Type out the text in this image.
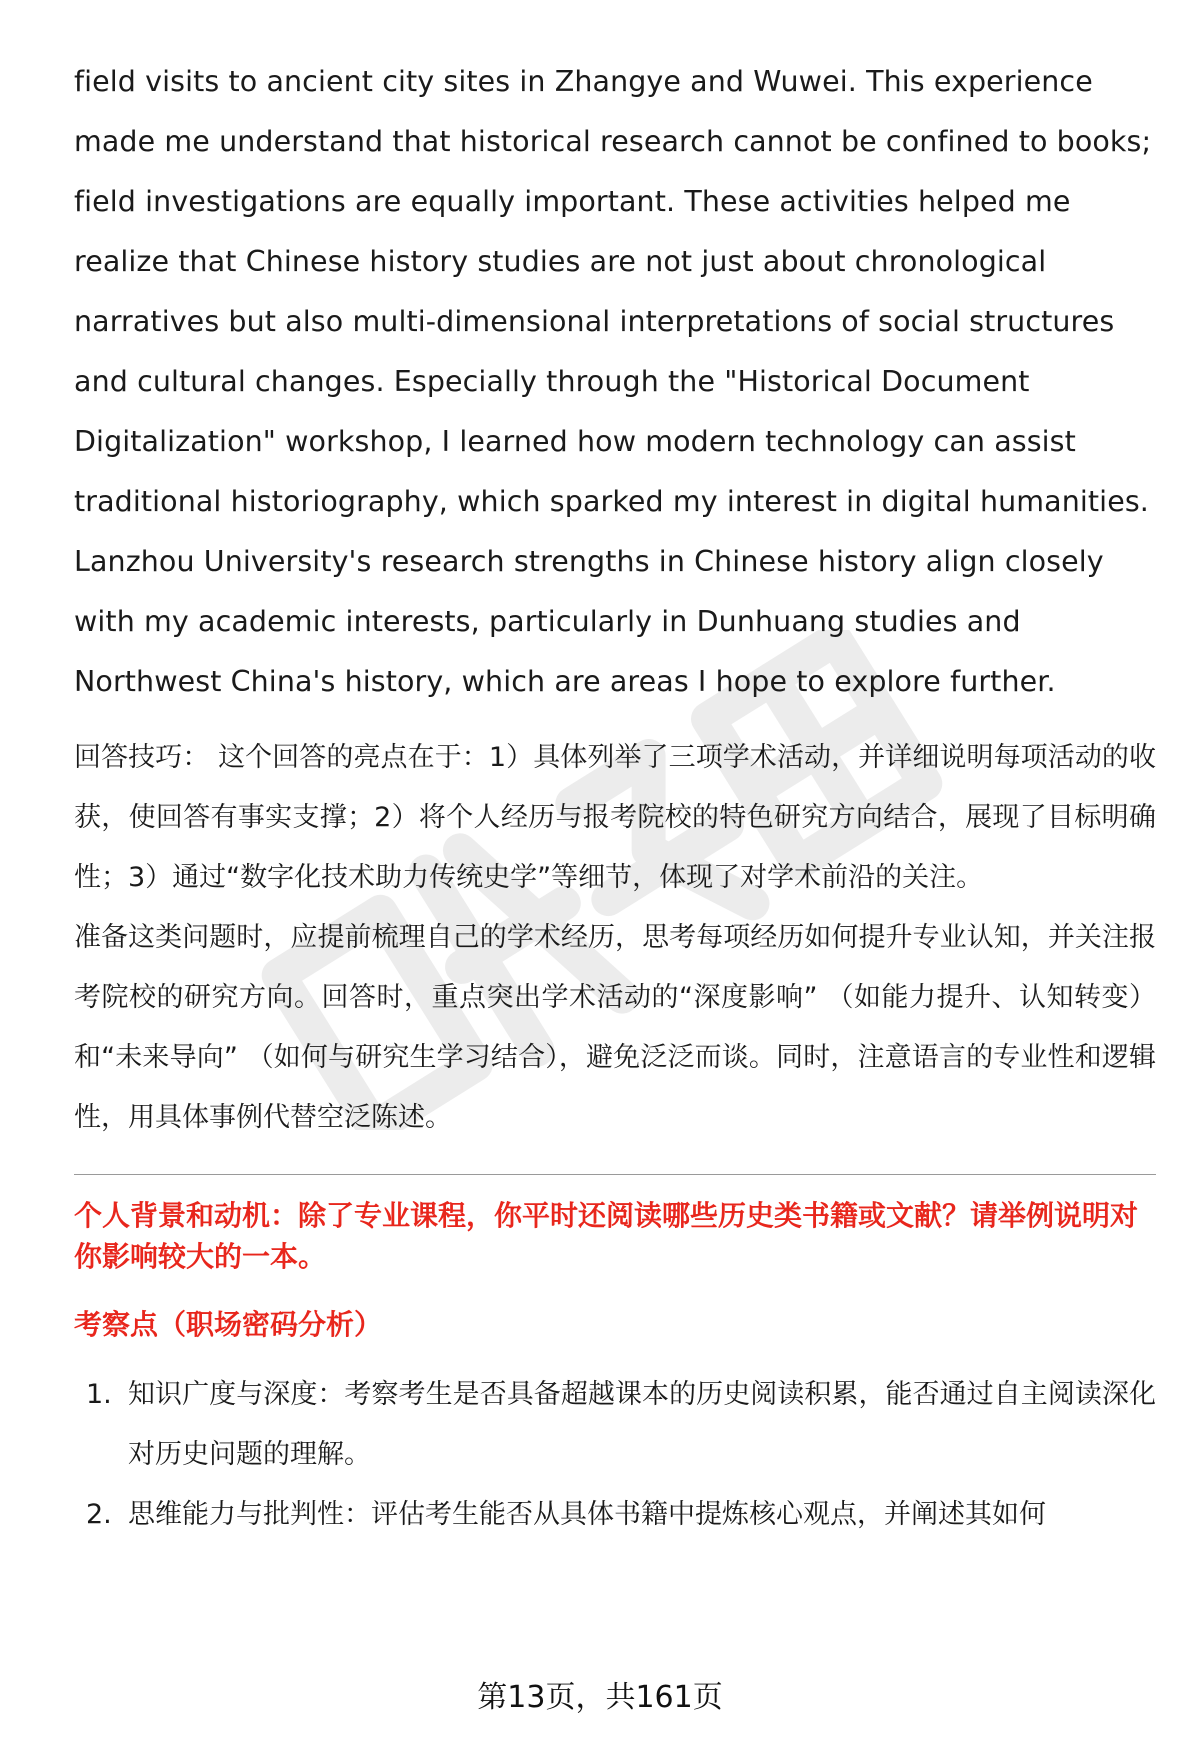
field visits to ancient city sites in Zhangye and Wuwei. This experience made me understand that historical research cannot be confined to books; field investigations are equally important. These activities helped me realize that Chinese history studies are not just about chronological narratives but also multi-dimensional interpretations of social structures and cultural changes. Especially through the "Historical Document Digitalization" workshop, I learned how modern technology can assist traditional historiography, which sparked my interest in digital humanities. Lanzhou University's research strengths in Chinese history align closely with my academic interests, particularly in Dunhuang studies and Northwest China's history, which are areas I hope to explore further.

回答技巧： 这个回答的亮点在于：1）具体列举了三项学术活动，并详细说明每项活动的收获，使回答有事实支撑；2）将个人经历与报考院校的特色研究方向结合，展现了目标明确性；3）通过“数字化技术助力传统史学”等细节，体现了对学术前沿的关注。

准备这类问题时，应提前梳理自己的学术经历，思考每项经历如何提升专业认知，并关注报考院校的研究方向。回答时，重点突出学术活动的“深度影响” （如能力提升、认知转变）和“未来导向” （如何与研究生学习结合），避免泛泛而谈。同时，注意语言的专业性和逻辑性，用具体事例代替空泛陈述。

个人背景和动机：除了专业课程，你平时还阅读哪些历史类书籍或文献？请举例说明对你影响较大的一本。

考察点（职场密码分析）

1. 知识广度与深度：考察考生是否具备超越课本的历史阅读积累，能否通过自主阅读深化对历史问题的理解。
2. 思维能力与批判性：评估考生能否从具体书籍中提炼核心观点，并阐述其如何
第13页，共161页
